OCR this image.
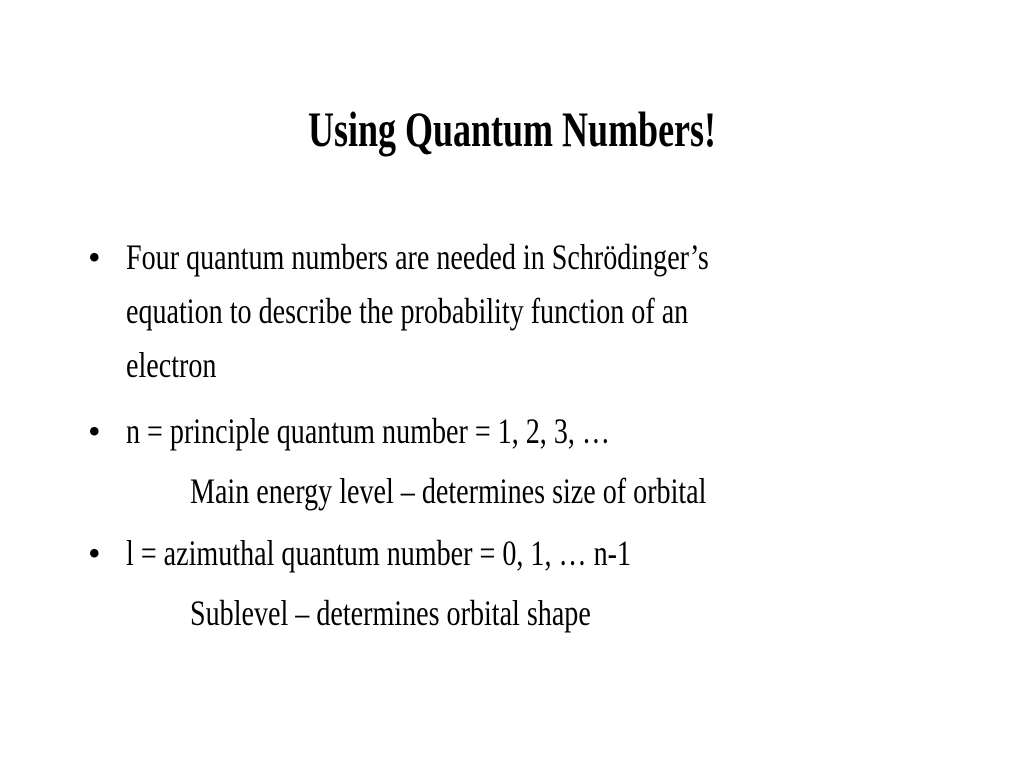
Using Quantum Numbers!
• Four quantum numbers are needed in Schrödinger’s
equation to describe the probability function of an
electron
• n = principle quantum number = 1, 2, 3, …
Main energy level – determines size of orbital
• l = azimuthal quantum number = 0, 1, … n-1
Sublevel – determines orbital shape
